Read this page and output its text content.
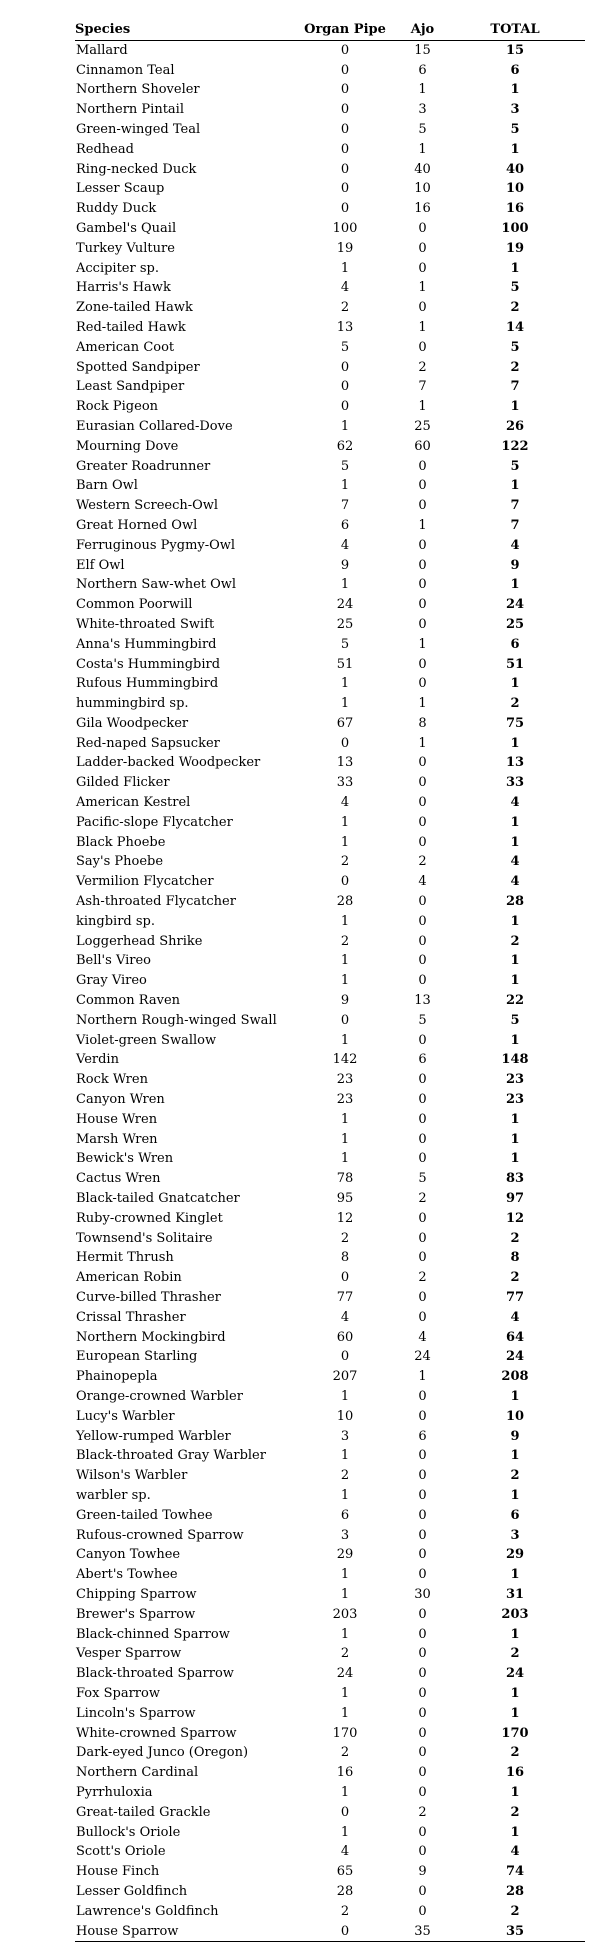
Species	Organ Pipe	Ajo	TOTAL
Mallard	0	15	15
Cinnamon Teal	0	6	6
Northern Shoveler	0	1	1
Northern Pintail	0	3	3
Green-winged Teal	0	5	5
Redhead	0	1	1
Ring-necked Duck	0	40	40
Lesser Scaup	0	10	10
Ruddy Duck	0	16	16
Gambel's Quail	100	0	100
Turkey Vulture	19	0	19
Accipiter sp.	1	0	1
Harris's Hawk	4	1	5
Zone-tailed Hawk	2	0	2
Red-tailed Hawk	13	1	14
American Coot	5	0	5
Spotted Sandpiper	0	2	2
Least Sandpiper	0	7	7
Rock Pigeon	0	1	1
Eurasian Collared-Dove	1	25	26
Mourning Dove	62	60	122
Greater Roadrunner	5	0	5
Barn Owl	1	0	1
Western Screech-Owl	7	0	7
Great Horned Owl	6	1	7
Ferruginous Pygmy-Owl	4	0	4
Elf Owl	9	0	9
Northern Saw-whet Owl	1	0	1
Common Poorwill	24	0	24
White-throated Swift	25	0	25
Anna's Hummingbird	5	1	6
Costa's Hummingbird	51	0	51
Rufous Hummingbird	1	0	1
hummingbird sp.	1	1	2
Gila Woodpecker	67	8	75
Red-naped Sapsucker	0	1	1
Ladder-backed Woodpecker	13	0	13
Gilded Flicker	33	0	33
American Kestrel	4	0	4
Pacific-slope Flycatcher	1	0	1
Black Phoebe	1	0	1
Say's Phoebe	2	2	4
Vermilion Flycatcher	0	4	4
Ash-throated Flycatcher	28	0	28
kingbird sp.	1	0	1
Loggerhead Shrike	2	0	2
Bell's Vireo	1	0	1
Gray Vireo	1	0	1
Common Raven	9	13	22
Northern Rough-winged Swall	0	5	5
Violet-green Swallow	1	0	1
Verdin	142	6	148
Rock Wren	23	0	23
Canyon Wren	23	0	23
House Wren	1	0	1
Marsh Wren	1	0	1
Bewick's Wren	1	0	1
Cactus Wren	78	5	83
Black-tailed Gnatcatcher	95	2	97
Ruby-crowned Kinglet	12	0	12
Townsend's Solitaire	2	0	2
Hermit Thrush	8	0	8
American Robin	0	2	2
Curve-billed Thrasher	77	0	77
Crissal Thrasher	4	0	4
Northern Mockingbird	60	4	64
European Starling	0	24	24
Phainopepla	207	1	208
Orange-crowned Warbler	1	0	1
Lucy's Warbler	10	0	10
Yellow-rumped Warbler	3	6	9
Black-throated Gray Warbler	1	0	1
Wilson's Warbler	2	0	2
warbler sp.	1	0	1
Green-tailed Towhee	6	0	6
Rufous-crowned Sparrow	3	0	3
Canyon Towhee	29	0	29
Abert's Towhee	1	0	1
Chipping Sparrow	1	30	31
Brewer's Sparrow	203	0	203
Black-chinned Sparrow	1	0	1
Vesper Sparrow	2	0	2
Black-throated Sparrow	24	0	24
Fox Sparrow	1	0	1
Lincoln's Sparrow	1	0	1
White-crowned Sparrow	170	0	170
Dark-eyed Junco (Oregon)	2	0	2
Northern Cardinal	16	0	16
Pyrrhuloxia	1	0	1
Great-tailed Grackle	0	2	2
Bullock's Oriole	1	0	1
Scott's Oriole	4	0	4
House Finch	65	9	74
Lesser Goldfinch	28	0	28
Lawrence's Goldfinch	2	0	2
House Sparrow	0	35	35
